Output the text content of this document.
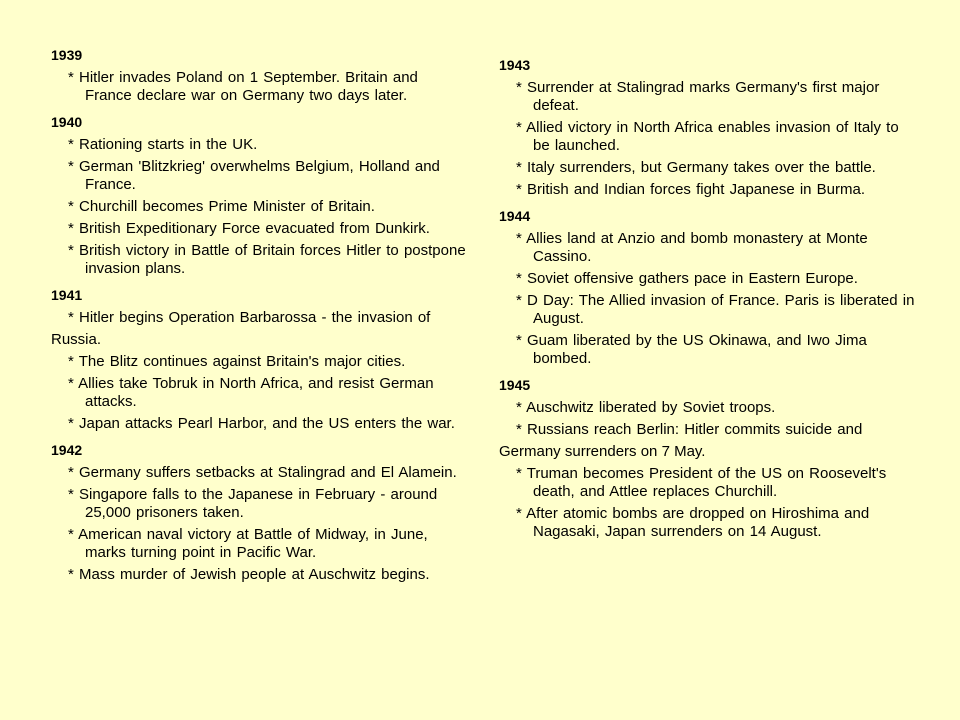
1939
* Hitler invades Poland on 1 September. Britain and France declare war on Germany two days later.
1940
* Rationing starts in the UK.
* German 'Blitzkrieg' overwhelms Belgium, Holland and France.
* Churchill becomes Prime Minister of Britain.
* British Expeditionary Force evacuated from Dunkirk.
* British victory in Battle of Britain forces Hitler to postpone invasion plans.
1941
* Hitler begins Operation Barbarossa - the invasion of
Russia.
* The Blitz continues against Britain's major cities.
* Allies take Tobruk in North Africa, and resist German attacks.
* Japan attacks Pearl Harbor, and the US enters the war.
1942
* Germany suffers setbacks at Stalingrad and El Alamein.
* Singapore falls to the Japanese in February - around 25,000 prisoners taken.
* American naval victory at Battle of Midway, in June, marks turning point in Pacific War.
* Mass murder of Jewish people at Auschwitz begins.
1943
* Surrender at Stalingrad marks Germany's first major defeat.
* Allied victory in North Africa enables invasion of Italy to be launched.
* Italy surrenders, but Germany takes over the battle.
* British and Indian forces fight Japanese in Burma.
1944
* Allies land at Anzio and bomb monastery at Monte Cassino.
* Soviet offensive gathers pace in Eastern Europe.
* D Day: The Allied invasion of France. Paris is liberated in August.
* Guam liberated by the US Okinawa, and Iwo Jima bombed.
1945
* Auschwitz liberated by Soviet troops.
* Russians reach Berlin: Hitler commits suicide and
Germany surrenders on 7 May.
* Truman becomes President of the US on Roosevelt's death, and Attlee replaces Churchill.
* After atomic bombs are dropped on Hiroshima and Nagasaki, Japan surrenders on 14 August.
